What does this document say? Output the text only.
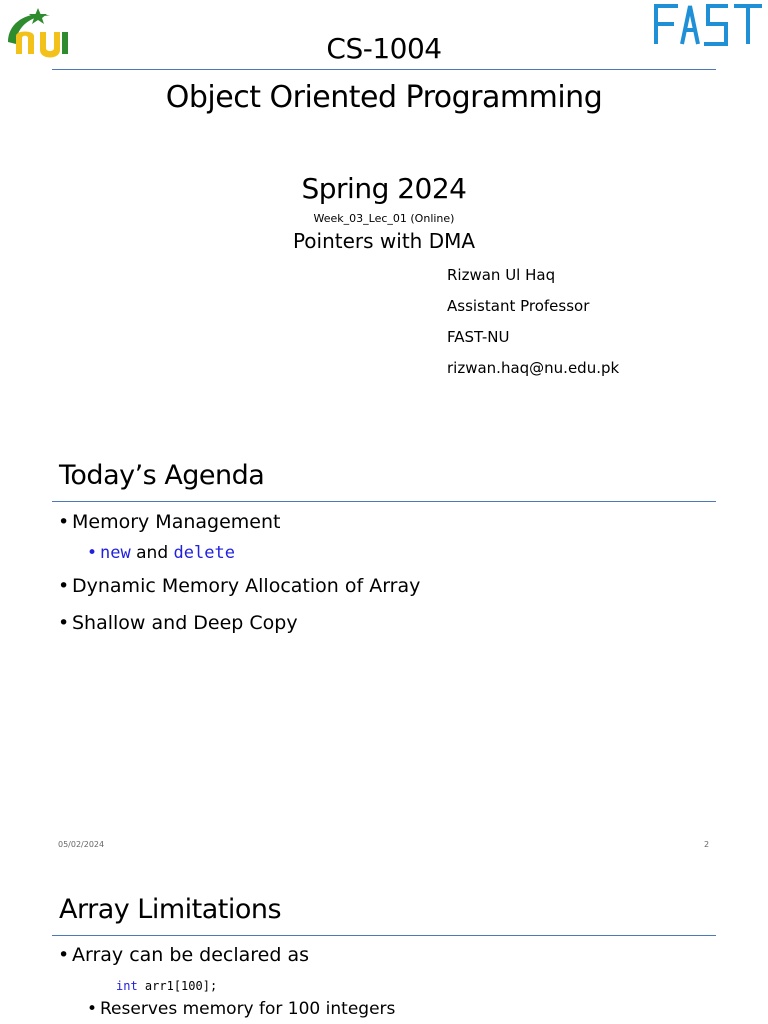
CS-1004
Object Oriented Programming
Spring 2024
Week_03_Lec_01 (Online)
Pointers with DMA
Rizwan Ul Haq
Assistant Professor
FAST-NU
rizwan.haq@nu.edu.pk
Today’s Agenda
• Memory Management
• new and delete
• Dynamic Memory Allocation of Array
• Shallow and Deep Copy
05/02/2024	2
Array Limitations
• Array can be declared as
int arr1[100];
• Reserves memory for 100 integers
